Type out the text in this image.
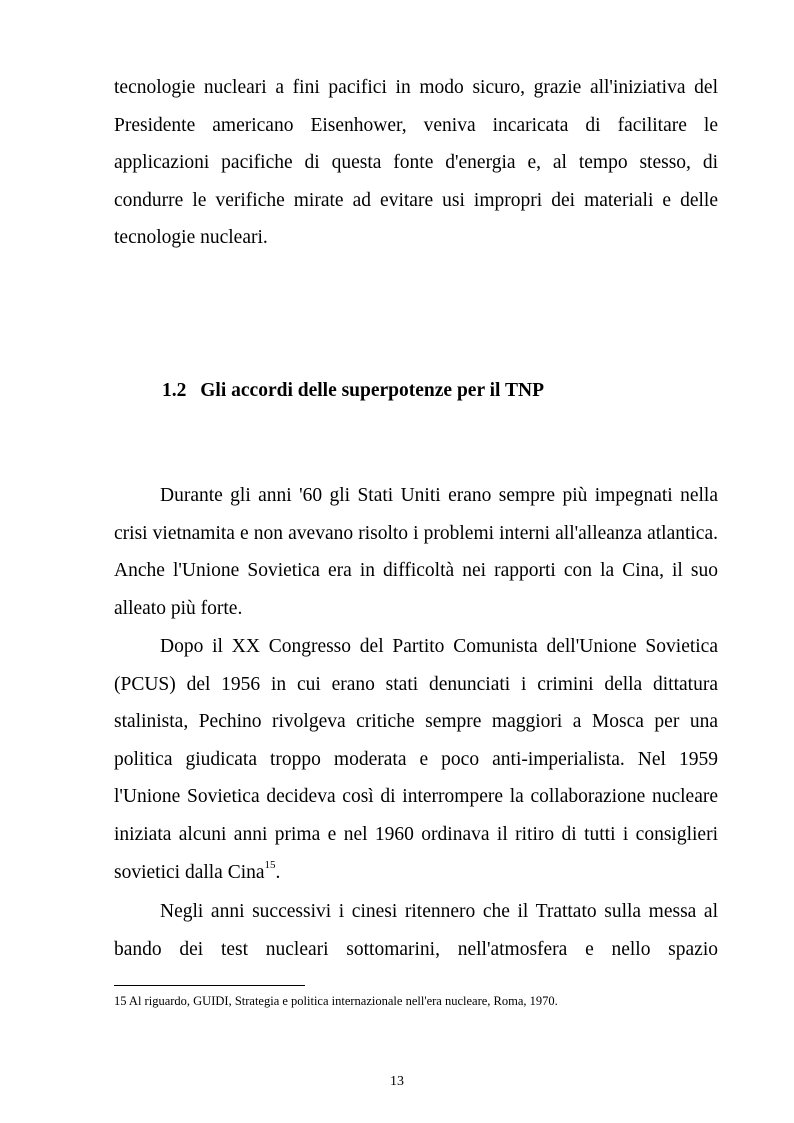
tecnologie nucleari a fini pacifici in modo sicuro, grazie all'iniziativa del Presidente americano Eisenhower, veniva incaricata di facilitare le applicazioni pacifiche di questa fonte d'energia e, al tempo stesso, di condurre le verifiche mirate ad evitare usi impropri dei materiali e delle tecnologie nucleari.

1.2 Gli accordi delle superpotenze per il TNP

Durante gli anni '60 gli Stati Uniti erano sempre più impegnati nella crisi vietnamita e non avevano risolto i problemi interni all'alleanza atlantica. Anche l'Unione Sovietica era in difficoltà nei rapporti con la Cina, il suo alleato più forte.

Dopo il XX Congresso del Partito Comunista dell'Unione Sovietica (PCUS) del 1956 in cui erano stati denunciati i crimini della dittatura stalinista, Pechino rivolgeva critiche sempre maggiori a Mosca per una politica giudicata troppo moderata e poco anti-imperialista. Nel 1959 l'Unione Sovietica decideva così di interrompere la collaborazione nucleare iniziata alcuni anni prima e nel 1960 ordinava il ritiro di tutti i consiglieri sovietici dalla Cina$^{15}$.

Negli anni successivi i cinesi ritennero che il Trattato sulla messa al bando dei test nucleari sottomarini, nell'atmosfera e nello spazio

15 Al riguardo, GUIDI, Strategia e politica internazionale nell'era nucleare, Roma, 1970.

13
